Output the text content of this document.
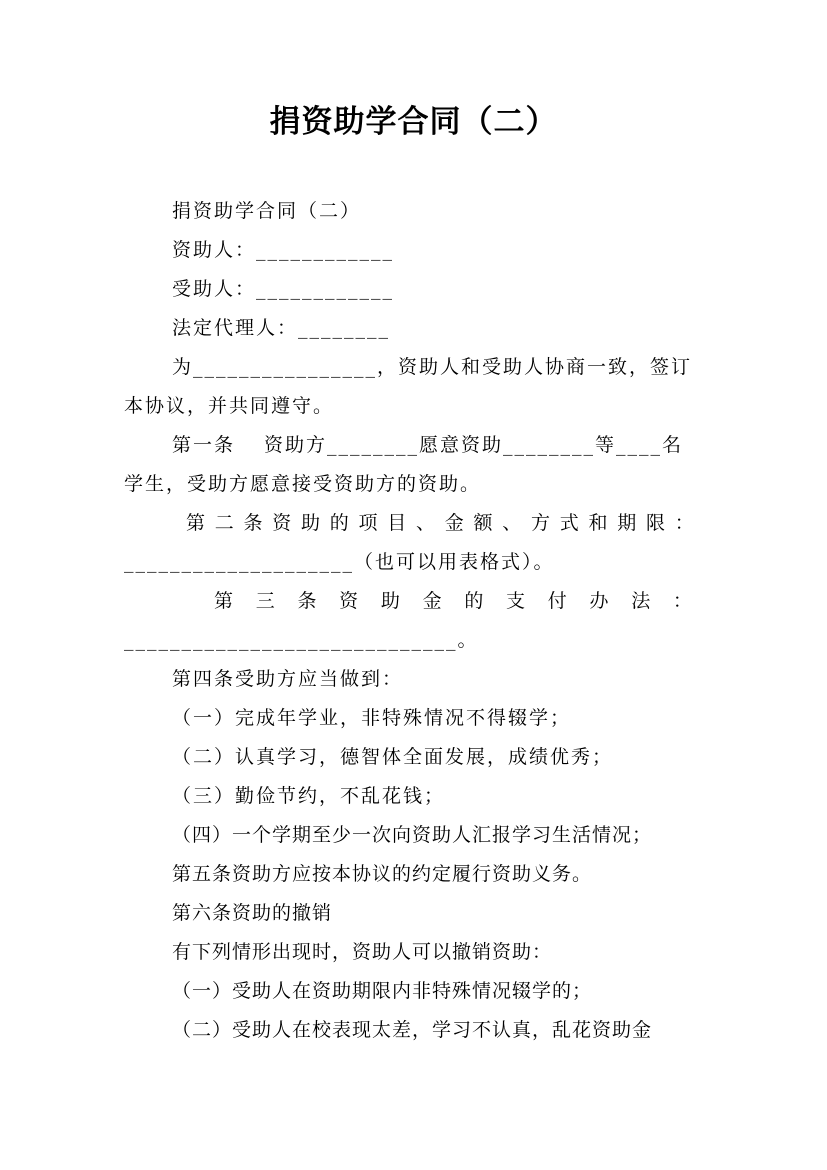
捐资助学合同（二）
捐资助学合同（二）
资助人：____________
受助人：____________
法定代理人：________
为________________，资助人和受助人协商一致，签订
本协议，并共同遵守。
第一条　 资助方________愿意资助________等____名
学生，受助方愿意接受资助方的资助。
第 二 条 资 助 的 项 目 、 金 额 、 方 式 和 期 限 ：
____________________（也可以用表格式）。
第 三 条 资 助 金 的 支 付 办 法 ：
_____________________________。
第四条受助方应当做到：
（一）完成年学业，非特殊情况不得辍学；
（二）认真学习，德智体全面发展，成绩优秀；
（三）勤俭节约，不乱花钱；
（四）一个学期至少一次向资助人汇报学习生活情况；
第五条资助方应按本协议的约定履行资助义务。
第六条资助的撤销
有下列情形出现时，资助人可以撤销资助：
（一）受助人在资助期限内非特殊情况辍学的；
（二）受助人在校表现太差，学习不认真，乱花资助金
